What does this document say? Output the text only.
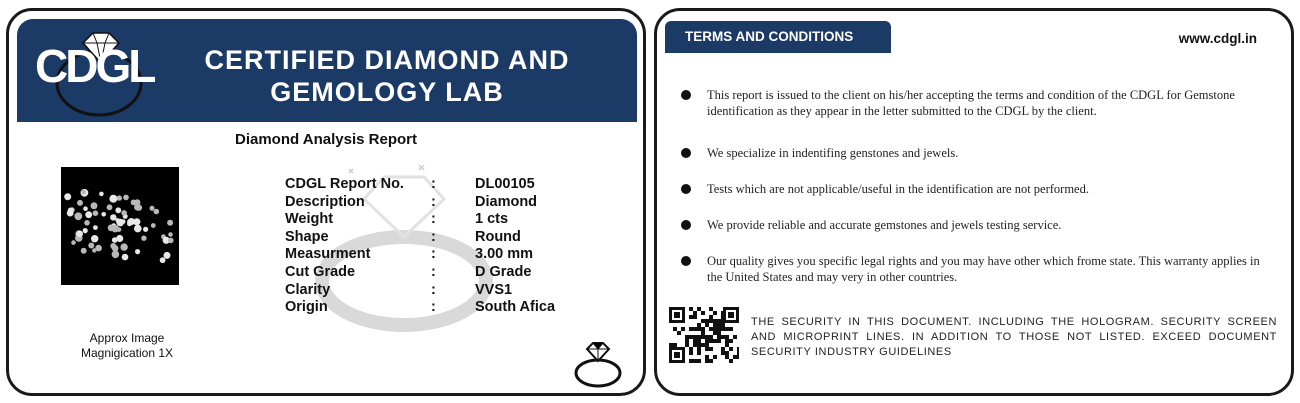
CDGL	CERTIFIED DIAMOND AND GEMOLOGY LAB
Diamond Analysis Report
Approx Image Magnigication 1X
CDGL Report No. :	DL00105
Description	:	Diamond
Weight	:	1 cts
Shape	:	Round
Measurment	:	3.00 mm
Cut Grade	:	D Grade
Clarity	:	VVS1
Origin	:	South Afica
TERMS AND CONDITIONS	www.cdgl.in
This report is issued to the client on his/her accepting the terms and condition of the CDGL for Gemstone identification as they appear in the letter submitted to the CDGL by the client.
We specialize in indentifing genstones and jewels.
Tests which are not applicable/useful in the identification are not performed.
We provide reliable and accurate gemstones and jewels testing service.
Our quality gives you specific legal rights and you may have other which frome state. This warranty applies in the United States and may very in other countries.
THE SECURITY IN THIS DOCUMENT. INCLUDING THE HOLOGRAM. SECURITY SCREEN AND MICROPRINT LINES. IN ADDITION TO THOSE NOT LISTED. EXCEED DOCUMENT SECURITY INDUSTRY GUIDELINES
